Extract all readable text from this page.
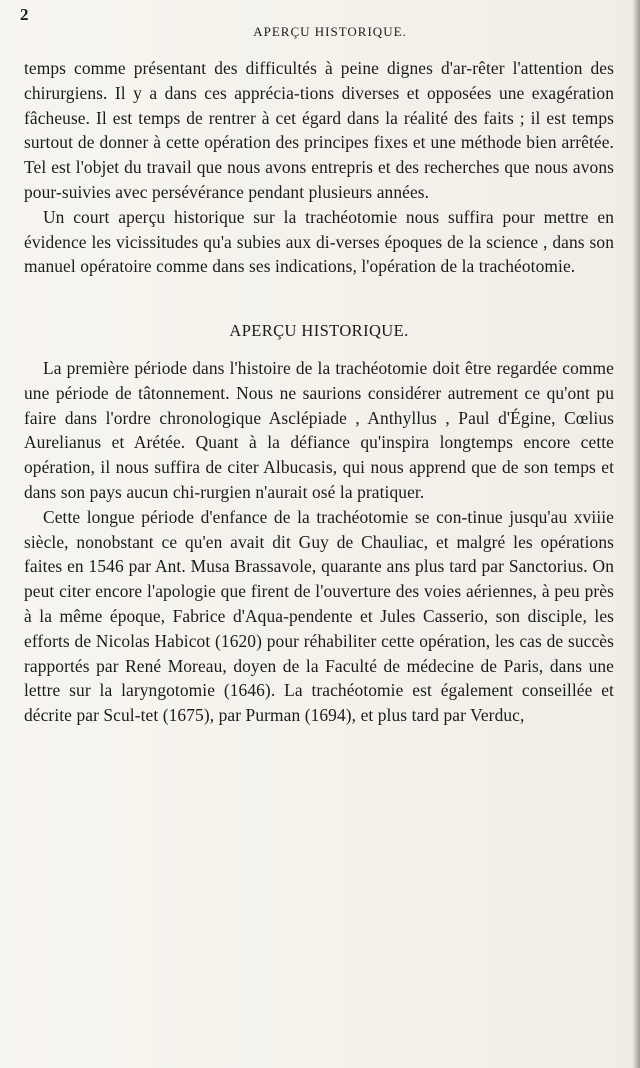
2
APERÇU HISTORIQUE.

temps comme présentant des difficultés à peine dignes d'ar-rêter l'attention des chirurgiens. Il y a dans ces apprécia-tions diverses et opposées une exagération fâcheuse. Il est temps de rentrer à cet égard dans la réalité des faits ; il est temps surtout de donner à cette opération des principes fixes et une méthode bien arrêtée. Tel est l'objet du travail que nous avons entrepris et des recherches que nous avons pour-suivies avec persévérance pendant plusieurs années.

Un court aperçu historique sur la trachéotomie nous suffira pour mettre en évidence les vicissitudes qu'a subies aux di-verses époques de la science , dans son manuel opératoire comme dans ses indications, l'opération de la trachéotomie.

APERÇU HISTORIQUE.

La première période dans l'histoire de la trachéotomie doit être regardée comme une période de tâtonnement. Nous ne saurions considérer autrement ce qu'ont pu faire dans l'ordre chronologique Asclépiade , Anthyllus , Paul d'Égine, Cœlius Aurelianus et Arétée. Quant à la défiance qu'inspira longtemps encore cette opération, il nous suffira de citer Albucasis, qui nous apprend que de son temps et dans son pays aucun chi-rurgien n'aurait osé la pratiquer.

Cette longue période d'enfance de la trachéotomie se con-tinue jusqu'au xviiie siècle, nonobstant ce qu'en avait dit Guy de Chauliac, et malgré les opérations faites en 1546 par Ant. Musa Brassavole, quarante ans plus tard par Sanctorius. On peut citer encore l'apologie que firent de l'ouverture des voies aériennes, à peu près à la même époque, Fabrice d'Aqua-pendente et Jules Casserio, son disciple, les efforts de Nicolas Habicot (1620) pour réhabiliter cette opération, les cas de succès rapportés par René Moreau, doyen de la Faculté de médecine de Paris, dans une lettre sur la laryngotomie (1646). La trachéotomie est également conseillée et décrite par Scul-tet (1675), par Purman (1694), et plus tard par Verduc,
